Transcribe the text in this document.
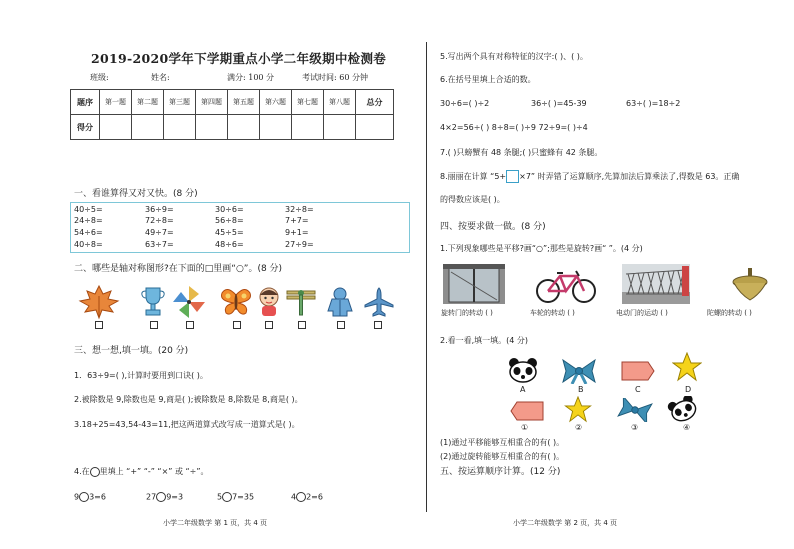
2019-2020学年下学期重点小学二年级期中检测卷
班级:	姓名:	满分: 100 分	考试时间: 60 分钟
题序	第一题	第二题	第三题	第四题	第五题	第六题	第七题	第八题	总分
得分									
一、看谁算得又对又快。(8 分)
40÷5=	36÷9=	30÷6=	32÷8=
24÷8=	72÷8=	56÷8=	7+7=
54÷6=	49÷7=	45÷5=	9+1=
40÷8=	63÷7=	48÷6=	27÷9=
二、哪些是轴对称图形?在下面的□里画“○”。(8 分)
三、想一想,填一填。(20 分)
1．63÷9=( ),计算时要用到口诀( )。
2.被除数是 9,除数也是 9,商是( );被除数是 8,除数是 8,商是( )。
3.18+25=43,54-43=11,把这两道算式改写成一道算式是( )。
4.在 里填上 “+” “-” “×” 或 “÷”。
9 3=6	27 9=3	5 7=35	4 2=6
小学二年级数学 第 1 页，共 4 页
5.写出两个具有对称特征的汉字:( )、( )。
6.在括号里填上合适的数。
30÷6=( )÷2	36÷( )=45-39	63÷( )=18÷2
4×2=56÷( ) 8÷8=( )÷9 72÷9=( )÷4
7.( )只螃蟹有 48 条腿;( )只蜜蜂有 42 条腿。
8.丽丽在计算 “5+ ×7” 时弄错了运算顺序,先算加法后算乘法了,得数是 63。正确
的得数应该是( )。
四、按要求做一做。(8 分)
1.下列现象哪些是平移?画“○”;那些是旋转?画“ ”。(4 分)
旋转门的转动 ( )	车轮的转动 ( )	电动门的运动 ( )	陀螺的转动 ( )
2.看一看,填一填。(4 分)
A	B	C	D
①	②	③	④
(1)通过平移能够互相重合的有( )。
(2)通过旋转能够互相重合的有( )。
五、按运算顺序计算。(12 分)
小学二年级数学 第 2 页，共 4 页
